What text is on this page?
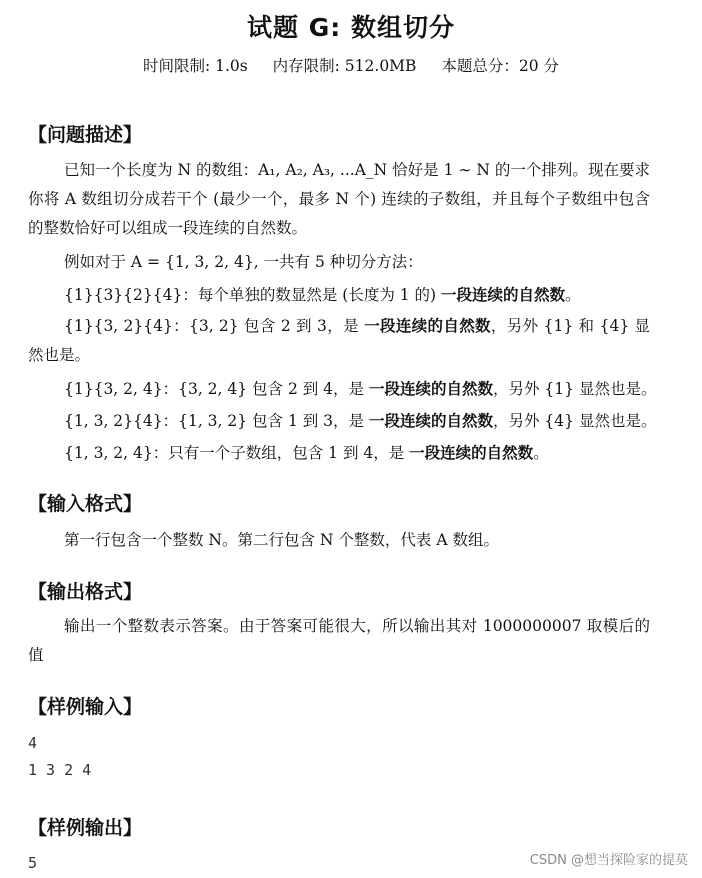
试题 G: 数组切分
时间限制: 1.0s 内存限制: 512.0MB 本题总分：20 分
【问题描述】
已知一个长度为 N 的数组：A₁, A₂, A₃, ...A_N 恰好是 1 ∼ N 的一个排列。现在要求你将 A 数组切分成若干个 (最少一个，最多 N 个) 连续的子数组，并且每个子数组中包含的整数恰好可以组成一段连续的自然数。
例如对于 A = {1, 3, 2, 4}, 一共有 5 种切分方法：
{1}{3}{2}{4}：每个单独的数显然是 (长度为 1 的) 一段连续的自然数。
{1}{3, 2}{4}：{3, 2} 包含 2 到 3，是 一段连续的自然数，另外 {1} 和 {4} 显然也是。
{1}{3, 2, 4}：{3, 2, 4} 包含 2 到 4，是 一段连续的自然数，另外 {1} 显然也是。
{1, 3, 2}{4}：{1, 3, 2} 包含 1 到 3，是 一段连续的自然数，另外 {4} 显然也是。
{1, 3, 2, 4}：只有一个子数组，包含 1 到 4，是 一段连续的自然数。
【输入格式】
第一行包含一个整数 N。第二行包含 N 个整数，代表 A 数组。
【输出格式】
输出一个整数表示答案。由于答案可能很大，所以输出其对 1000000007 取模后的值
【样例输入】
4
1 3 2 4
【样例输出】
5	CSDN @想当探险家的提莫
